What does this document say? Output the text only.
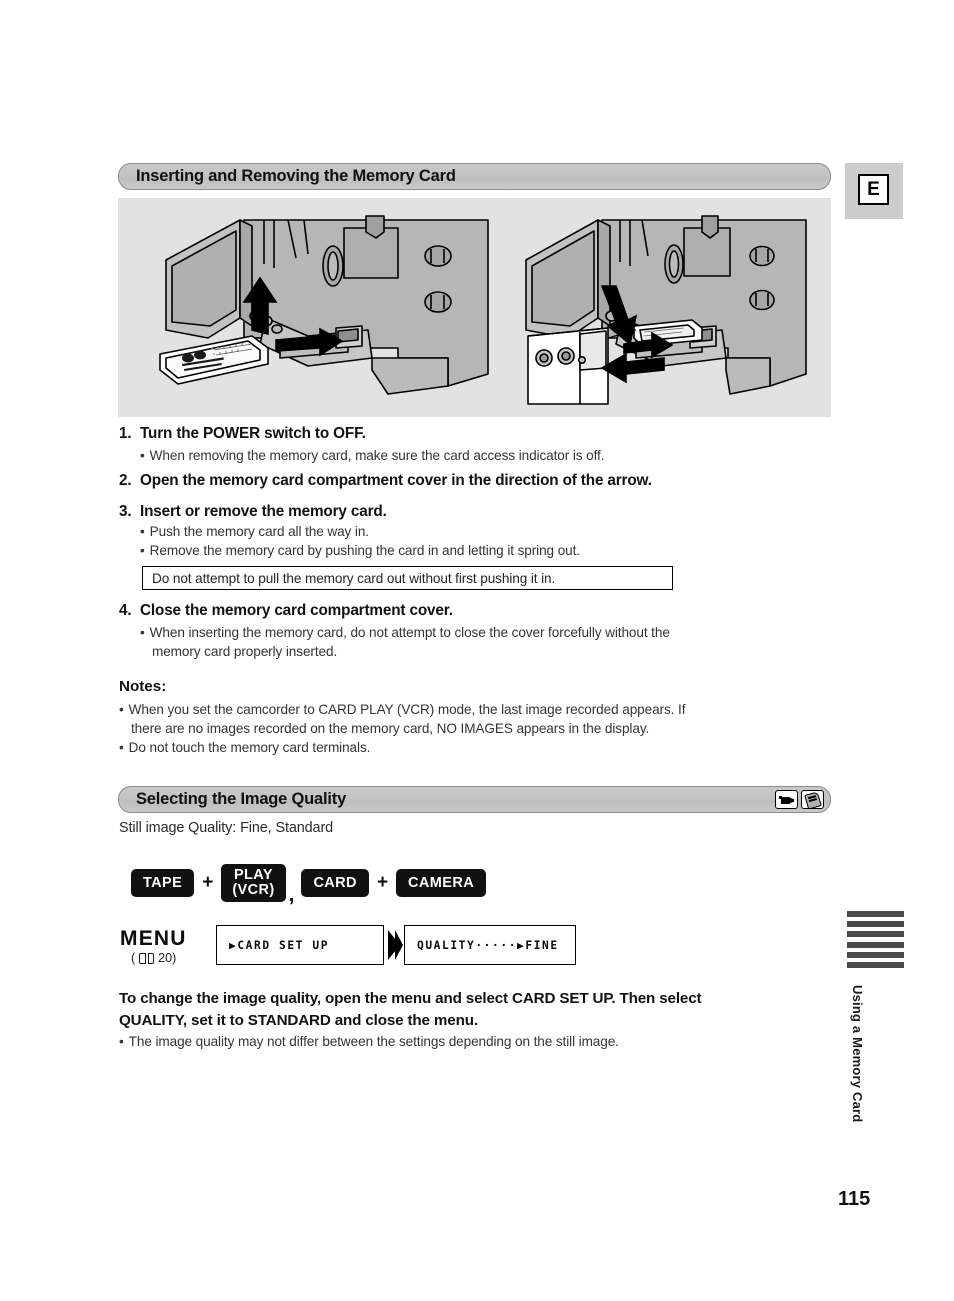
E
Inserting and Removing the Memory Card
1. Turn the POWER switch to OFF.
• When removing the memory card, make sure the card access indicator is off.
2. Open the memory card compartment cover in the direction of the arrow.
3. Insert or remove the memory card.
• Push the memory card all the way in.
• Remove the memory card by pushing the card in and letting it spring out.
Do not attempt to pull the memory card out without first pushing it in.
4. Close the memory card compartment cover.
• When inserting the memory card, do not attempt to close the cover forcefully without the
memory card properly inserted.
Notes:
• When you set the camcorder to CARD PLAY (VCR) mode, the last image recorded appears. If
there are no images recorded on the memory card, NO IMAGES appears in the display.
• Do not touch the memory card terminals.
Selecting the Image Quality
Still image Quality: Fine, Standard
TAPE	+ PLAY
(VCR) ,
CARD	+	CAMERA
MENU
( 20)
▶CARD SET UP	QUALITY·····▶FINE
To change the image quality, open the menu and select CARD SET UP. Then select
QUALITY, set it to STANDARD and close the menu.
• The image quality may not differ between the settings depending on the still image.	Using a Memory Card
115
